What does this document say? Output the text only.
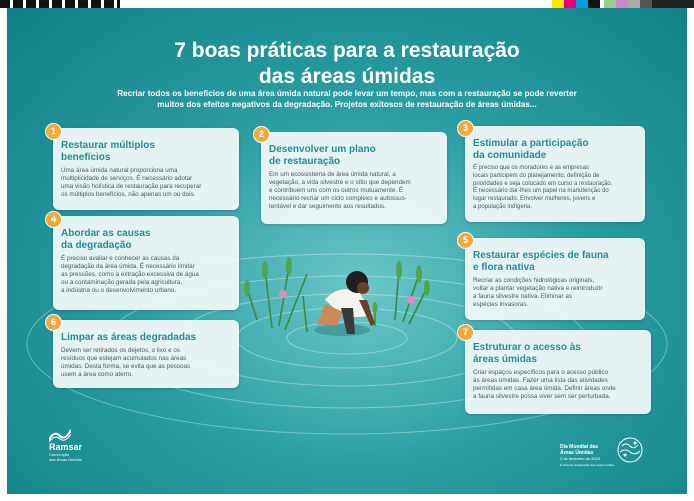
7 boas práticas para a restauração
das áreas úmidas
Recriar todos os benefícios de uma área úmida natural pode levar um tempo, mas com a restauração se pode reverter
muitos dos efeitos negativos da degradação. Projetos exitosos de restauração de áreas úmidas...
Restaurar múltiplos
benefícios

Uma área úmida natural proporciona uma
multiplicidade de serviços. É necessário adotar
uma visão holística de restauração para recuperar
os múltiplos benefícios, não apenas um ou dois.

1
Desenvolver um plano
de restauração

Em um ecossistema de área úmida natural, a
vegetação, a vida silvestre e o sítio que dependem
e contribuem uns com os outros mutuamente. É
necessário recriar um ciclo complexo e autossus-
tentável e dar seguimento aos resultados.

2
Estimular a participação
da comunidade

É preciso que os moradores e as empresas
locais participem do planejamento, definição de
prioridades e seja colocado em curso a restauração.
É necessário dar-lhes um papel na manutenção do
lugar restaurado. Envolver mulheres, jovens e
a população indígena.

3
Abordar as causas
da degradação

É preciso avaliar e conhecer as causas da
degradação da área úmida. É necessário limitar
as pressões, como a extração excessiva de água
ou a contaminação gerada pela agricultura,
a indústria ou o desenvolvimento urbano.

4
Restaurar espécies de fauna
e flora nativa

Recriar as condições hidrológicas originais,
voltar a plantar vegetação nativa e reintroduzir
a fauna silvestre nativa. Eliminar as
espécies invasoras.

5
Limpar as áreas degradadas

Devem ser retirados os dejetos, o lixo e os
resíduos que estejam acumulados nas áreas
úmidas. Desta forma, se evita que as pessoas
usem a área como aterro.

6
Estruturar o acesso às
áreas úmidas

Criar espaços específicos para o acesso público
às áreas úmidas. Fazer uma lista das atividades
permitidas em casa área úmida. Definir áreas onde
a fauna silvestre possa viver sem ser perturbada.

7
Ramsar
Convenção
das Áreas Úmidas
Dia Mundial das
Áreas Úmidas
2 de fevereiro de 2023
É hora da restauração das áreas úmidas
